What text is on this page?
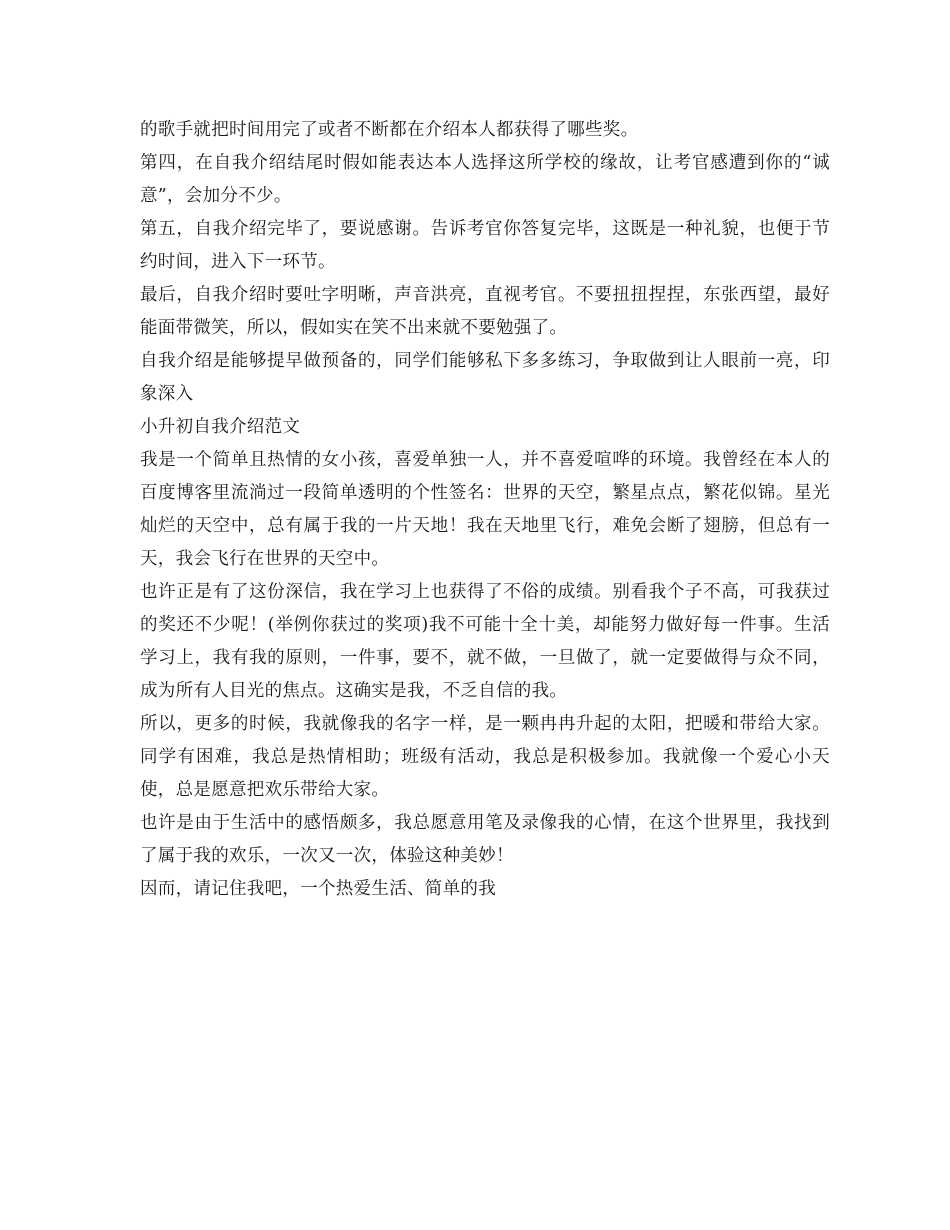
的歌手就把时间用完了或者不断都在介绍本人都获得了哪些奖。

第四，在自我介绍结尾时假如能表达本人选择这所学校的缘故，让考官感遭到你的“诚意”，会加分不少。

第五，自我介绍完毕了，要说感谢。告诉考官你答复完毕，这既是一种礼貌，也便于节约时间，进入下一环节。

最后，自我介绍时要吐字明晰，声音洪亮，直视考官。不要扭扭捏捏，东张西望，最好能面带微笑，所以，假如实在笑不出来就不要勉强了。

自我介绍是能够提早做预备的，同学们能够私下多多练习，争取做到让人眼前一亮，印象深入

小升初自我介绍范文

我是一个简单且热情的女小孩，喜爱单独一人，并不喜爱喧哗的环境。我曾经在本人的百度博客里流淌过一段简单透明的个性签名：世界的天空，繁星点点，繁花似锦。星光灿烂的天空中，总有属于我的一片天地！我在天地里飞行，难免会断了翅膀，但总有一天，我会飞行在世界的天空中。

也许正是有了这份深信，我在学习上也获得了不俗的成绩。别看我个子不高，可我获过的奖还不少呢！(举例你获过的奖项)我不可能十全十美，却能努力做好每一件事。生活学习上，我有我的原则，一件事，要不，就不做，一旦做了，就一定要做得与众不同，成为所有人目光的焦点。这确实是我，不乏自信的我。

所以，更多的时候，我就像我的名字一样，是一颗冉冉升起的太阳，把暖和带给大家。同学有困难，我总是热情相助；班级有活动，我总是积极参加。我就像一个爱心小天使，总是愿意把欢乐带给大家。

也许是由于生活中的感悟颇多，我总愿意用笔及录像我的心情，在这个世界里，我找到了属于我的欢乐，一次又一次，体验这种美妙！

因而，请记住我吧，一个热爱生活、简单的我
